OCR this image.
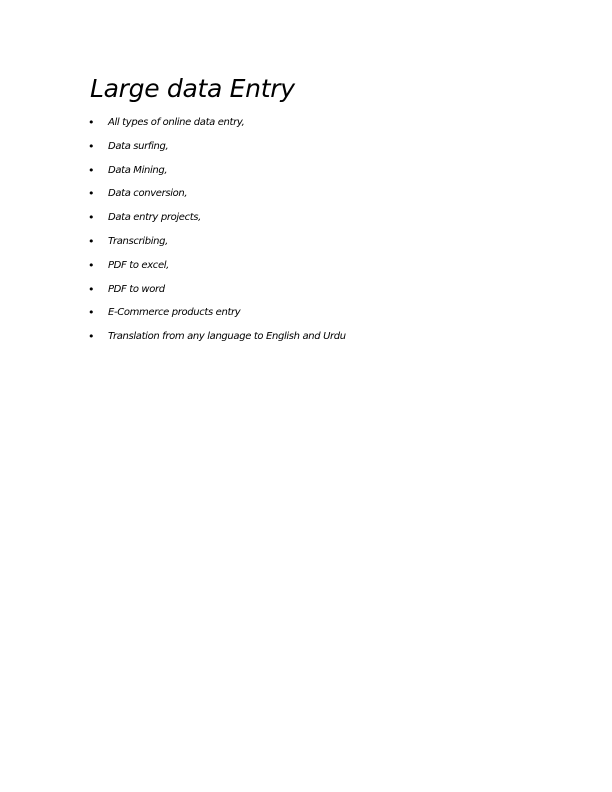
Large data Entry
• All types of online data entry,
• Data surfing,
• Data Mining,
• Data conversion,
• Data entry projects,
• Transcribing,
• PDF to excel,
• PDF to word
• E-Commerce products entry
• Translation from any language to English and Urdu
